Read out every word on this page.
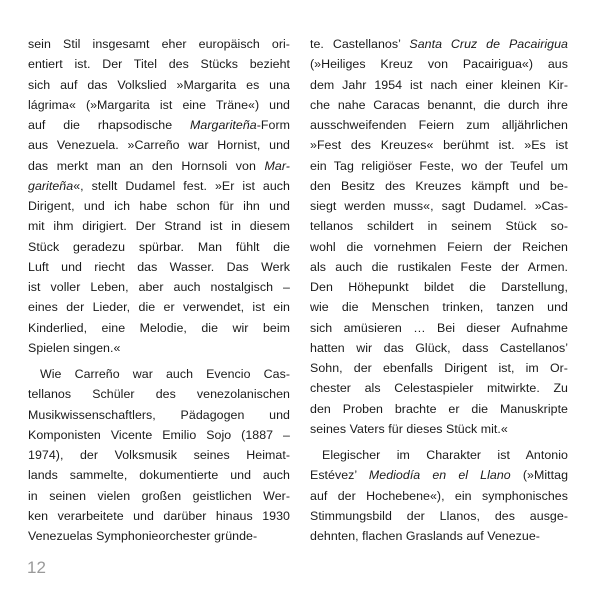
sein Stil insgesamt eher europäisch ori-
entiert ist. Der Titel des Stücks bezieht
sich auf das Volkslied »Margarita es una
lágrima« (»Margarita ist eine Träne«) und
auf die rhapsodische Margariteña-Form
aus Venezuela. »Carreño war Hornist, und
das merkt man an den Hornsoli von Mar-
gariteña«, stellt Dudamel fest. »Er ist auch
Dirigent, und ich habe schon für ihn und
mit ihm dirigiert. Der Strand ist in diesem
Stück geradezu spürbar. Man fühlt die
Luft und riecht das Wasser. Das Werk
ist voller Leben, aber auch nostalgisch –
eines der Lieder, die er verwendet, ist ein
Kinderlied, eine Melodie, die wir beim
Spielen singen.«
Wie Carreño war auch Evencio Cas-
tellanos Schüler des venezolanischen
Musikwissenschaftlers, Pädagogen und
Komponisten Vicente Emilio Sojo (1887 –
1974), der Volksmusik seines Heimat-
lands sammelte, dokumentierte und auch
in seinen vielen großen geistlichen Wer-
ken verarbeitete und darüber hinaus 1930
Venezuelas Symphonieorchester gründe-
te. Castellanos’ Santa Cruz de Pacairigua
(»Heiliges Kreuz von Pacairigua«) aus
dem Jahr 1954 ist nach einer kleinen Kir-
che nahe Caracas benannt, die durch ihre
ausschweifenden Feiern zum alljährlichen
»Fest des Kreuzes« berühmt ist. »Es ist
ein Tag religiöser Feste, wo der Teufel um
den Besitz des Kreuzes kämpft und be-
siegt werden muss«, sagt Dudamel. »Cas-
tellanos schildert in seinem Stück so-
wohl die vornehmen Feiern der Reichen
als auch die rustikalen Feste der Armen.
Den Höhepunkt bildet die Darstellung,
wie die Menschen trinken, tanzen und
sich amüsieren … Bei dieser Aufnahme
hatten wir das Glück, dass Castellanos’
Sohn, der ebenfalls Dirigent ist, im Or-
chester als Celestaspieler mitwirkte. Zu
den Proben brachte er die Manuskripte
seines Vaters für dieses Stück mit.«
Elegischer im Charakter ist Antonio
Estévez’ Mediodía en el Llano (»Mittag
auf der Hochebene«), ein symphonisches
Stimmungsbild der Llanos, des ausge-
dehnten, flachen Graslands auf Venezue-
12
